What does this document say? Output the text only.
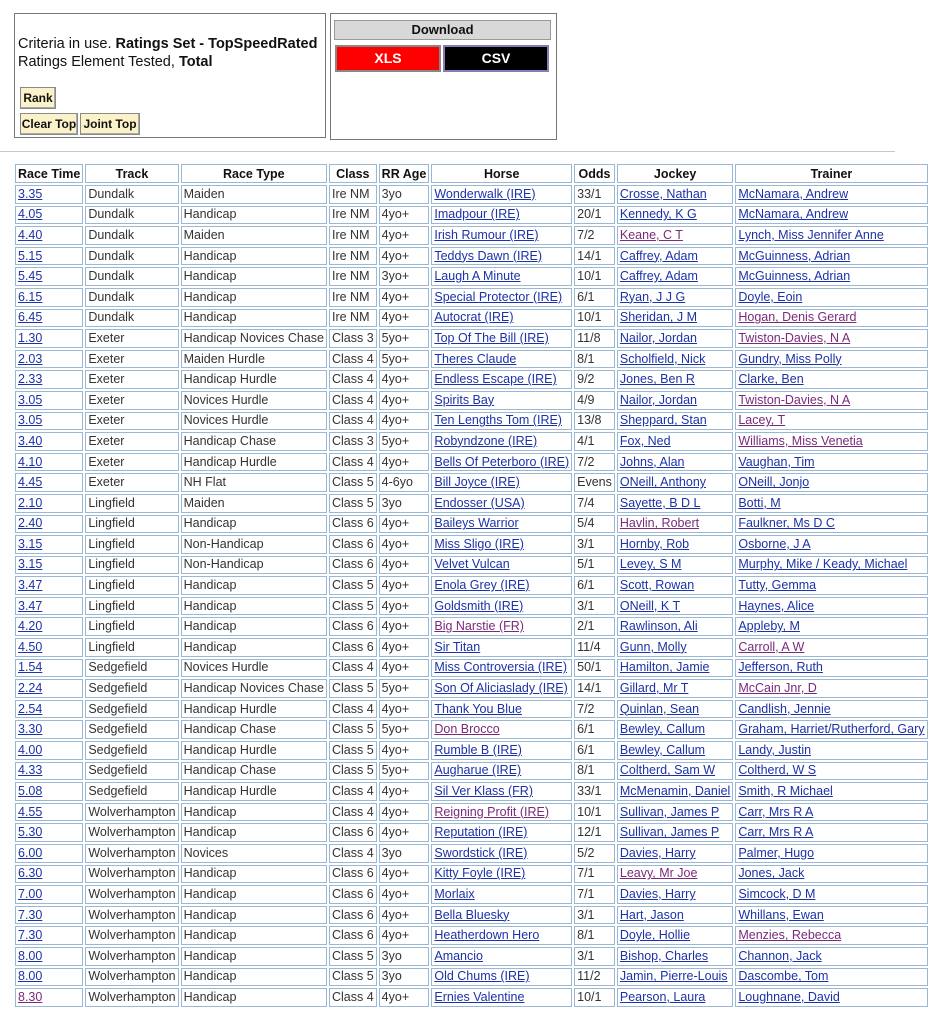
Criteria in use. Ratings Set - TopSpeedRated
Ratings Element Tested, Total
Rank
Clear Top Joint Top
Download
XLS	CSV
Race Time	Track	Race Type	Class	RR Age	Horse	Odds	Jockey	Trainer
3.35	Dundalk	Maiden	Ire NM	3yo	Wonderwalk (IRE)	33/1	Crosse, Nathan	McNamara, Andrew
4.05	Dundalk	Handicap	Ire NM	4yo+	Imadpour (IRE)	20/1	Kennedy, K G	McNamara, Andrew
4.40	Dundalk	Maiden	Ire NM	4yo+	Irish Rumour (IRE)	7/2	Keane, C T	Lynch, Miss Jennifer Anne
5.15	Dundalk	Handicap	Ire NM	4yo+	Teddys Dawn (IRE)	14/1	Caffrey, Adam	McGuinness, Adrian
5.45	Dundalk	Handicap	Ire NM	3yo+	Laugh A Minute	10/1	Caffrey, Adam	McGuinness, Adrian
6.15	Dundalk	Handicap	Ire NM	4yo+	Special Protector (IRE)	6/1	Ryan, J J G	Doyle, Eoin
6.45	Dundalk	Handicap	Ire NM	4yo+	Autocrat (IRE)	10/1	Sheridan, J M	Hogan, Denis Gerard
1.30	Exeter	Handicap Novices Chase	Class 3	5yo+	Top Of The Bill (IRE)	11/8	Nailor, Jordan	Twiston-Davies, N A
2.03	Exeter	Maiden Hurdle	Class 4	5yo+	Theres Claude	8/1	Scholfield, Nick	Gundry, Miss Polly
2.33	Exeter	Handicap Hurdle	Class 4	4yo+	Endless Escape (IRE)	9/2	Jones, Ben R	Clarke, Ben
3.05	Exeter	Novices Hurdle	Class 4	4yo+	Spirits Bay	4/9	Nailor, Jordan	Twiston-Davies, N A
3.05	Exeter	Novices Hurdle	Class 4	4yo+	Ten Lengths Tom (IRE)	13/8	Sheppard, Stan	Lacey, T
3.40	Exeter	Handicap Chase	Class 3	5yo+	Robyndzone (IRE)	4/1	Fox, Ned	Williams, Miss Venetia
4.10	Exeter	Handicap Hurdle	Class 4	4yo+	Bells Of Peterboro (IRE)	7/2	Johns, Alan	Vaughan, Tim
4.45	Exeter	NH Flat	Class 5	4-6yo	Bill Joyce (IRE)	Evens	ONeill, Anthony	ONeill, Jonjo
2.10	Lingfield	Maiden	Class 5	3yo	Endosser (USA)	7/4	Sayette, B D L	Botti, M
2.40	Lingfield	Handicap	Class 6	4yo+	Baileys Warrior	5/4	Havlin, Robert	Faulkner, Ms D C
3.15	Lingfield	Non-Handicap	Class 6	4yo+	Miss Sligo (IRE)	3/1	Hornby, Rob	Osborne, J A
3.15	Lingfield	Non-Handicap	Class 6	4yo+	Velvet Vulcan	5/1	Levey, S M	Murphy, Mike / Keady, Michael
3.47	Lingfield	Handicap	Class 5	4yo+	Enola Grey (IRE)	6/1	Scott, Rowan	Tutty, Gemma
3.47	Lingfield	Handicap	Class 5	4yo+	Goldsmith (IRE)	3/1	ONeill, K T	Haynes, Alice
4.20	Lingfield	Handicap	Class 6	4yo+	Big Narstie (FR)	2/1	Rawlinson, Ali	Appleby, M
4.50	Lingfield	Handicap	Class 6	4yo+	Sir Titan	11/4	Gunn, Molly	Carroll, A W
1.54	Sedgefield	Novices Hurdle	Class 4	4yo+	Miss Controversia (IRE)	50/1	Hamilton, Jamie	Jefferson, Ruth
2.24	Sedgefield	Handicap Novices Chase	Class 5	5yo+	Son Of Aliciaslady (IRE)	14/1	Gillard, Mr T	McCain Jnr, D
2.54	Sedgefield	Handicap Hurdle	Class 4	4yo+	Thank You Blue	7/2	Quinlan, Sean	Candlish, Jennie
3.30	Sedgefield	Handicap Chase	Class 5	5yo+	Don Brocco	6/1	Bewley, Callum	Graham, Harriet/Rutherford, Gary
4.00	Sedgefield	Handicap Hurdle	Class 5	4yo+	Rumble B (IRE)	6/1	Bewley, Callum	Landy, Justin
4.33	Sedgefield	Handicap Chase	Class 5	5yo+	Augharue (IRE)	8/1	Coltherd, Sam W	Coltherd, W S
5.08	Sedgefield	Handicap Hurdle	Class 4	4yo+	Sil Ver Klass (FR)	33/1	McMenamin, Daniel	Smith, R Michael
4.55	Wolverhampton	Handicap	Class 4	4yo+	Reigning Profit (IRE)	10/1	Sullivan, James P	Carr, Mrs R A
5.30	Wolverhampton	Handicap	Class 6	4yo+	Reputation (IRE)	12/1	Sullivan, James P	Carr, Mrs R A
6.00	Wolverhampton	Novices	Class 4	3yo	Swordstick (IRE)	5/2	Davies, Harry	Palmer, Hugo
6.30	Wolverhampton	Handicap	Class 6	4yo+	Kitty Foyle (IRE)	7/1	Leavy, Mr Joe	Jones, Jack
7.00	Wolverhampton	Handicap	Class 6	4yo+	Morlaix	7/1	Davies, Harry	Simcock, D M
7.30	Wolverhampton	Handicap	Class 6	4yo+	Bella Bluesky	3/1	Hart, Jason	Whillans, Ewan
7.30	Wolverhampton	Handicap	Class 6	4yo+	Heatherdown Hero	8/1	Doyle, Hollie	Menzies, Rebecca
8.00	Wolverhampton	Handicap	Class 5	3yo	Amancio	3/1	Bishop, Charles	Channon, Jack
8.00	Wolverhampton	Handicap	Class 5	3yo	Old Chums (IRE)	11/2	Jamin, Pierre-Louis	Dascombe, Tom
8.30	Wolverhampton	Handicap	Class 4	4yo+	Ernies Valentine	10/1	Pearson, Laura	Loughnane, David
